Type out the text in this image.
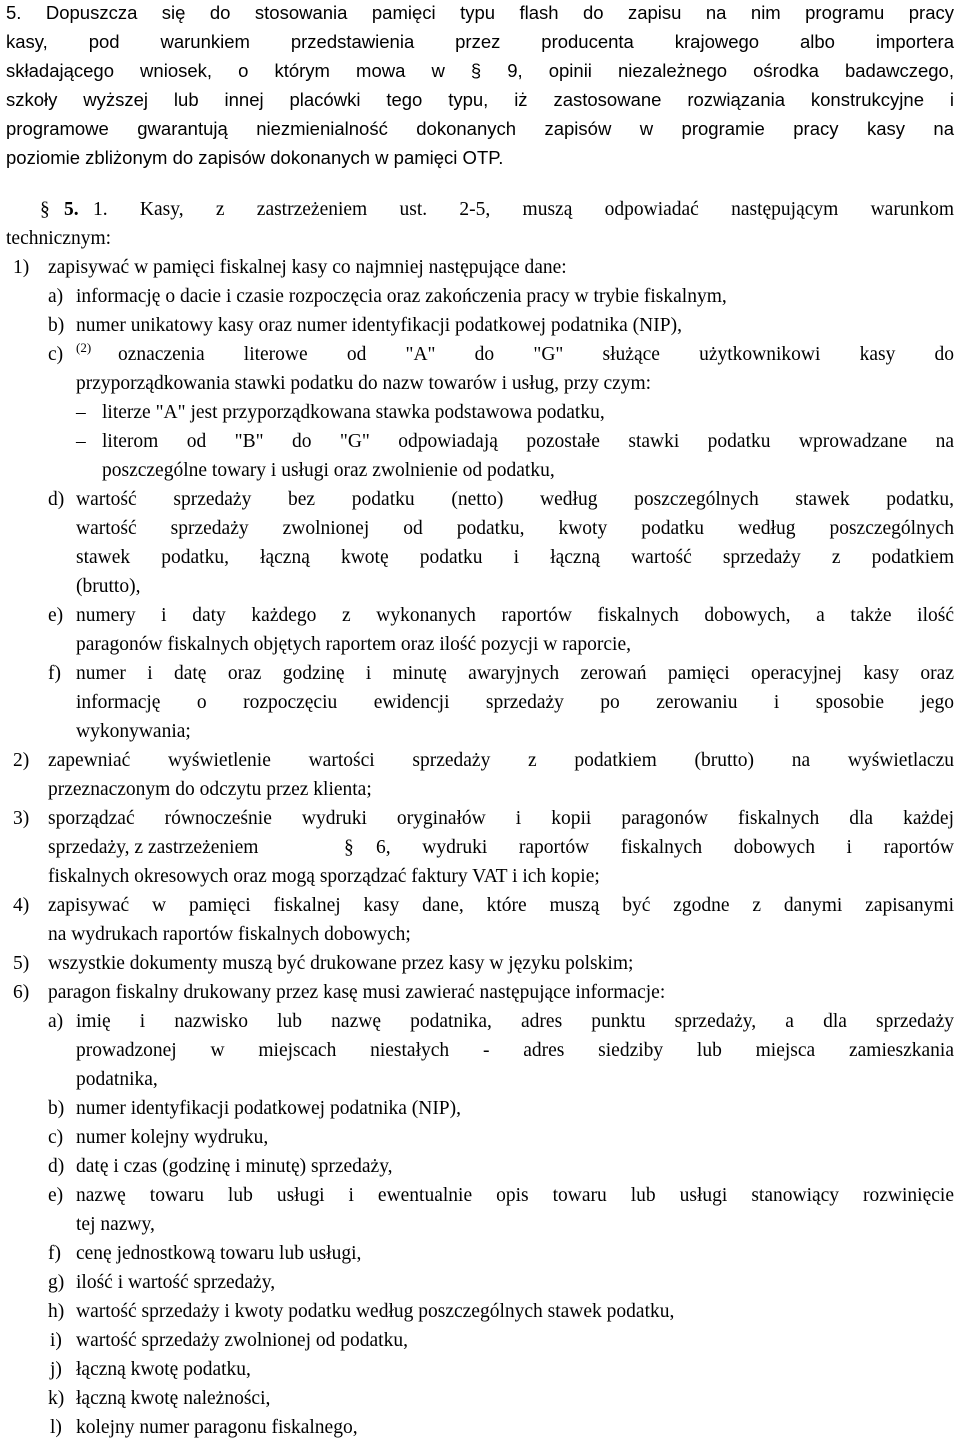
5. Dopuszcza się do stosowania pamięci typu flash do zapisu na nim programu pracy
kasy, pod warunkiem przedstawienia przez producenta krajowego albo importera
składającego wniosek, o którym mowa w § 9, opinii niezależnego ośrodka badawczego,
szkoły wyższej lub innej placówki tego typu, iż zastosowane rozwiązania konstrukcyjne i
programowe gwarantują niezmienialność dokonanych zapisów w programie pracy kasy na
poziomie zbliżonym do zapisów dokonanych w pamięci OTP.
§ 5. 1. Kasy, z zastrzeżeniem ust. 2-5, muszą odpowiadać następującym warunkom
technicznym:
1) zapisywać w pamięci fiskalnej kasy co najmniej następujące dane:
a) informację o dacie i czasie rozpoczęcia oraz zakończenia pracy w trybie fiskalnym,
b) numer unikatowy kasy oraz numer identyfikacji podatkowej podatnika (NIP),
c) (2) oznaczenia literowe od "A" do "G" służące użytkownikowi kasy do
przyporządkowania stawki podatku do nazw towarów i usług, przy czym:
– literze "A" jest przyporządkowana stawka podstawowa podatku,
– literom od "B" do "G" odpowiadają pozostałe stawki podatku wprowadzane na
poszczególne towary i usługi oraz zwolnienie od podatku,
d) wartość sprzedaży bez podatku (netto) według poszczególnych stawek podatku,
wartość sprzedaży zwolnionej od podatku, kwoty podatku według poszczególnych
stawek podatku, łączną kwotę podatku i łączną wartość sprzedaży z podatkiem
(brutto),
e) numery i daty każdego z wykonanych raportów fiskalnych dobowych, a także ilość
paragonów fiskalnych objętych raportem oraz ilość pozycji w raporcie,
f) numer i datę oraz godzinę i minutę awaryjnych zerowań pamięci operacyjnej kasy oraz
informację o rozpoczęciu ewidencji sprzedaży po zerowaniu i sposobie jego
wykonywania;
2) zapewniać wyświetlenie wartości sprzedaży z podatkiem (brutto) na wyświetlaczu
przeznaczonym do odczytu przez klienta;
3) sporządzać równocześnie wydruki oryginałów i kopii paragonów fiskalnych dla każdej
sprzedaży, z zastrzeżeniem	§ 6, wydruki raportów fiskalnych dobowych i raportów
fiskalnych okresowych oraz mogą sporządzać faktury VAT i ich kopie;
4) zapisywać w pamięci fiskalnej kasy dane, które muszą być zgodne z danymi zapisanymi
na wydrukach raportów fiskalnych dobowych;
5) wszystkie dokumenty muszą być drukowane przez kasy w języku polskim;
6) paragon fiskalny drukowany przez kasę musi zawierać następujące informacje:
a) imię i nazwisko lub nazwę podatnika, adres punktu sprzedaży, a dla sprzedaży
prowadzonej w miejscach niestałych - adres siedziby lub miejsca zamieszkania
podatnika,
b) numer identyfikacji podatkowej podatnika (NIP),
c) numer kolejny wydruku,
d) datę i czas (godzinę i minutę) sprzedaży,
e) nazwę towaru lub usługi i ewentualnie opis towaru lub usługi stanowiący rozwinięcie
tej nazwy,
f) cenę jednostkową towaru lub usługi,
g) ilość i wartość sprzedaży,
h) wartość sprzedaży i kwoty podatku według poszczególnych stawek podatku,
i) wartość sprzedaży zwolnionej od podatku,
j) łączną kwotę podatku,
k) łączną kwotę należności,
l) kolejny numer paragonu fiskalnego,
